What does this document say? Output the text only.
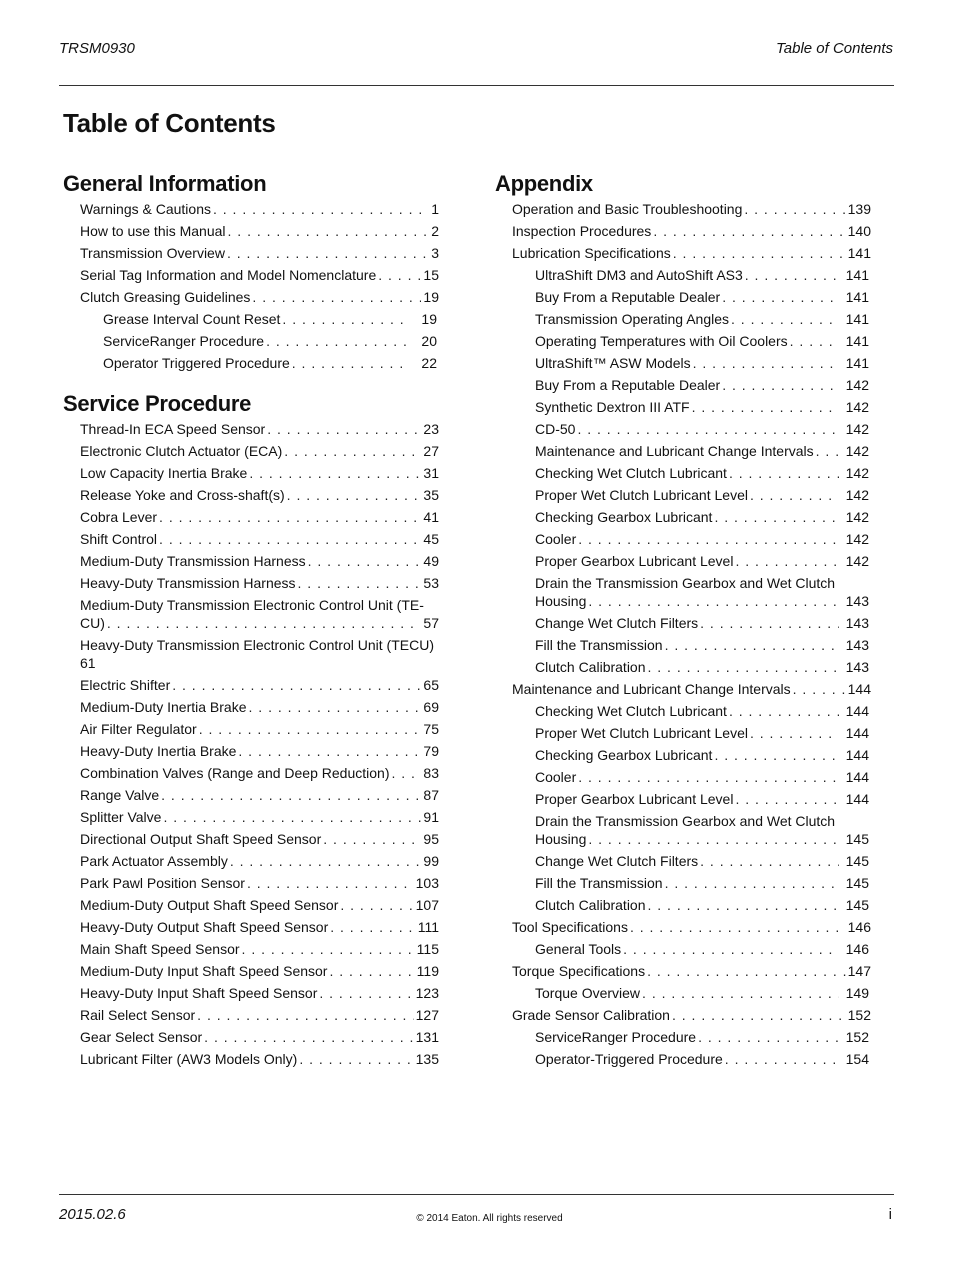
TRSM0930	Table of Contents
Table of Contents
General Information
Warnings & Cautions . . .	1
How to use this Manual . . .	2
Transmission Overview . . .	3
Serial Tag Information and Model Nomenclature . . .	15
Clutch Greasing Guidelines . . .	19
Grease Interval Count Reset . . .	19
ServiceRanger Procedure . . .	20
Operator Triggered Procedure . . .	22
Service Procedure
Thread-In ECA Speed Sensor . . .	23
Electronic Clutch Actuator (ECA) . . .	27
Low Capacity Inertia Brake . . .	31
Release Yoke and Cross-shaft(s) . . .	35
Cobra Lever . . .	41
Shift Control . . .	45
Medium-Duty Transmission Harness . . .	49
Heavy-Duty Transmission Harness . . .	53
Medium-Duty Transmission Electronic Control Unit (TE-
CU) . . .	57
Heavy-Duty Transmission Electronic Control Unit (TECU)
61
Electric Shifter . . .	65
Medium-Duty Inertia Brake . . .	69
Air Filter Regulator . . .	75
Heavy-Duty Inertia Brake . . .	79
Combination Valves (Range and Deep Reduction) . . . 83
Range Valve . . .	87
Splitter Valve . . .	91
Directional Output Shaft Speed Sensor . . .	95
Park Actuator Assembly . . .	99
Park Pawl Position Sensor . . .	103
Medium-Duty Output Shaft Speed Sensor . . .	107
Heavy-Duty Output Shaft Speed Sensor . . .	111
Main Shaft Speed Sensor . . .	115
Medium-Duty Input Shaft Speed Sensor . . .	119
Heavy-Duty Input Shaft Speed Sensor . . .	123
Rail Select Sensor . . .	127
Gear Select Sensor . . .	131
Lubricant Filter (AW3 Models Only) . . .	135
Appendix
Operation and Basic Troubleshooting . . .	139
Inspection Procedures . . .	140
Lubrication Specifications . . .	141
UltraShift DM3 and AutoShift AS3 . . .	141
Buy From a Reputable Dealer . . .	141
Transmission Operating Angles . . .	141
Operating Temperatures with Oil Coolers . . .	141
UltraShift™ ASW Models . . .	141
Buy From a Reputable Dealer . . .	142
Synthetic Dextron III ATF . . .	142
CD-50 . . .	142
Maintenance and Lubricant Change Intervals . . .	142
Checking Wet Clutch Lubricant . . .	142
Proper Wet Clutch Lubricant Level . . .	142
Checking Gearbox Lubricant . . .	142
Cooler . . .	142
Proper Gearbox Lubricant Level . . .	142
Drain the Transmission Gearbox and Wet Clutch
Housing . . .	143
Change Wet Clutch Filters . . .	143
Fill the Transmission . . .	143
Clutch Calibration . . .	143
Maintenance and Lubricant Change Intervals . . .	144
Checking Wet Clutch Lubricant . . .	144
Proper Wet Clutch Lubricant Level . . .	144
Checking Gearbox Lubricant . . .	144
Cooler . . .	144
Proper Gearbox Lubricant Level . . .	144
Drain the Transmission Gearbox and Wet Clutch
Housing . . .	145
Change Wet Clutch Filters . . .	145
Fill the Transmission . . .	145
Clutch Calibration . . .	145
Tool Specifications . . .	146
General Tools . . .	146
Torque Specifications . . .	147
Torque Overview . . .	149
Grade Sensor Calibration . . .	152
ServiceRanger Procedure . . .	152
Operator-Triggered Procedure . . .	154
2015.02.6	© 2014 Eaton. All rights reserved	i
